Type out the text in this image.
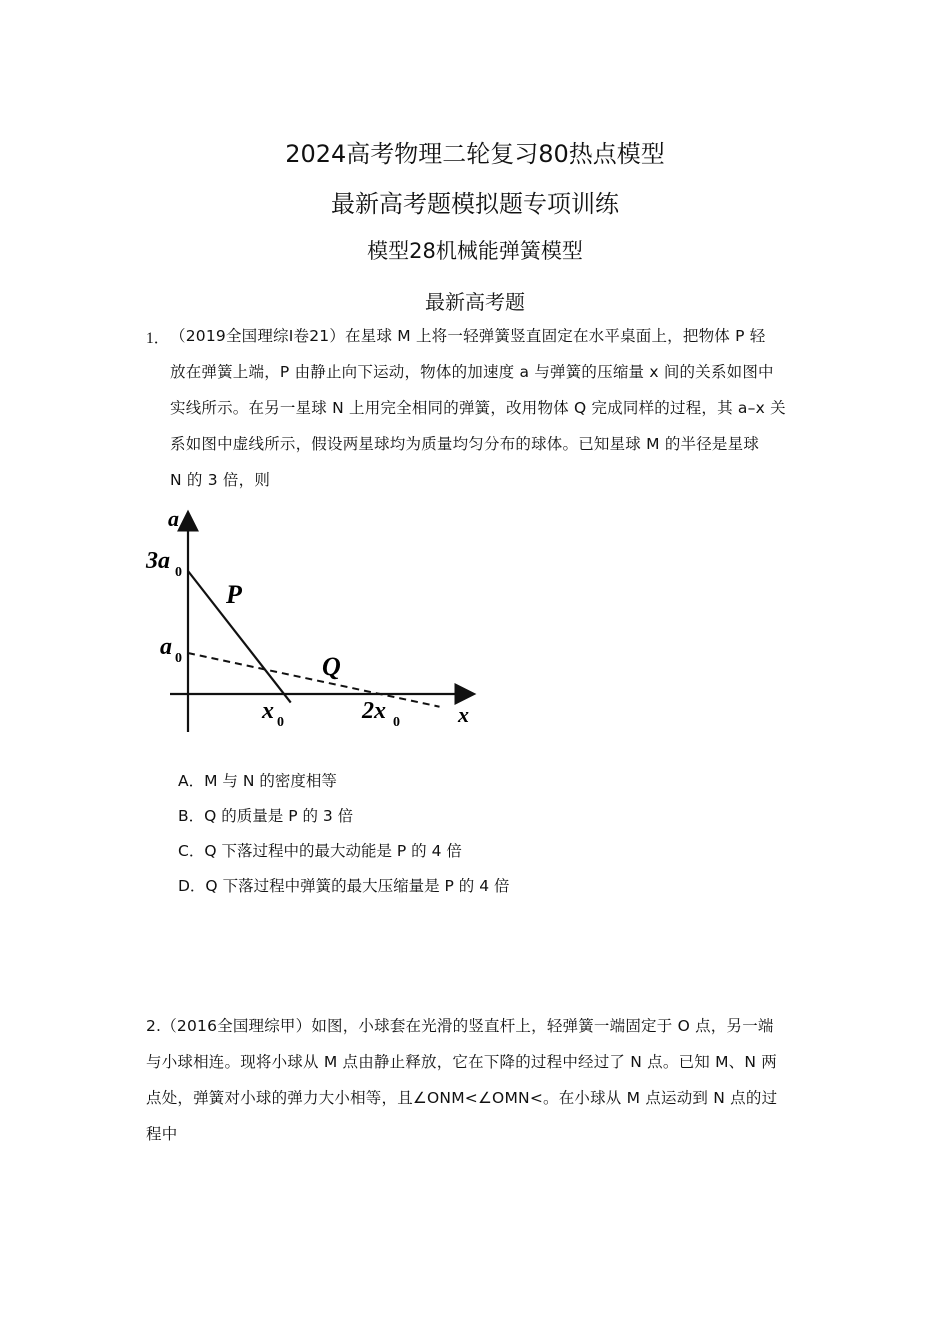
2024高考物理二轮复习80热点模型
最新高考题模拟题专项训练
模型28机械能弹簧模型
最新高考题
1． （2019全国理综I卷21）在星球 M 上将一轻弹簧竖直固定在水平桌面上，把物体 P 轻
放在弹簧上端，P 由静止向下运动，物体的加速度 a 与弹簧的压缩量 x 间的关系如图中
实线所示。在另一星球 N 上用完全相同的弹簧，改用物体 Q 完成同样的过程，其 a–x 关
系如图中虚线所示，假设两星球均为质量均匀分布的球体。已知星球 M 的半径是星球
N 的 3 倍，则
a
x
3a 0
a 0
x 0	2x 0
P
Q
A．M 与 N 的密度相等
B．Q 的质量是 P 的 3 倍
C．Q 下落过程中的最大动能是 P 的 4 倍
D．Q 下落过程中弹簧的最大压缩量是 P 的 4 倍
2.（2016全国理综甲）如图，小球套在光滑的竖直杆上，轻弹簧一端固定于 O 点，另一端
与小球相连。现将小球从 M 点由静止释放，它在下降的过程中经过了 N 点。已知 M、N 两
点处，弹簧对小球的弹力大小相等，且∠ONM<∠OMN<。在小球从 M 点运动到 N 点的过
程中
